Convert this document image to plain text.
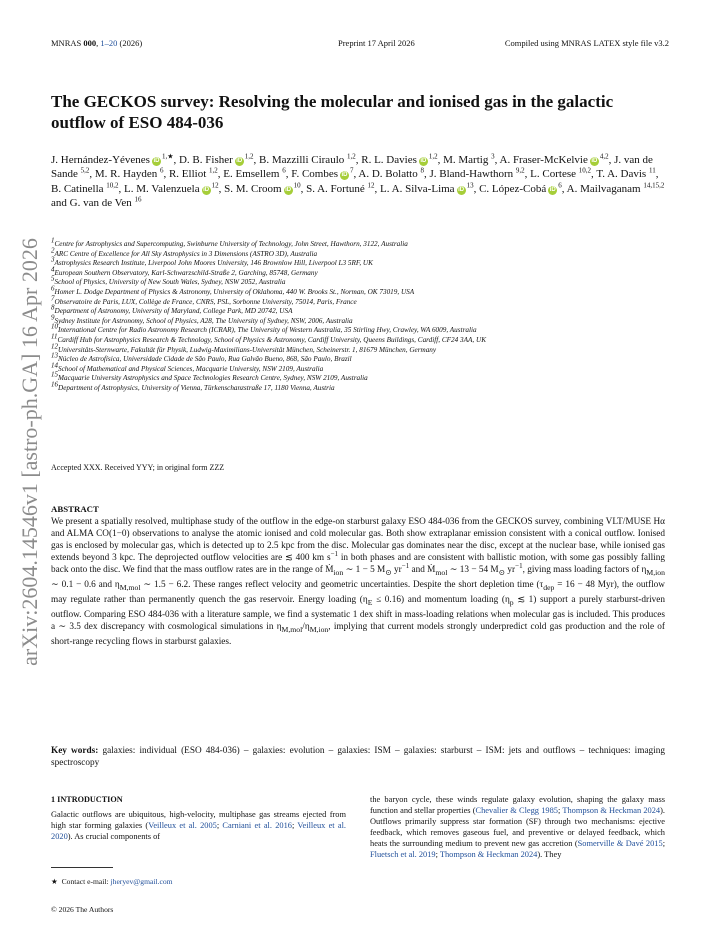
MNRAS 000, 1–20 (2026)	Preprint 17 April 2026	Compiled using MNRAS LATEX style file v3.2
arXiv:2604.14546v1 [astro-ph.GA] 16 Apr 2026
The GECKOS survey: Resolving the molecular and ionised gas in the galactic outflow of ESO 484-036
J. Hernández-Yévenes $iD^{1,★}$, D. B. Fisher iD$^{1,2}$, B. Mazzilli Ciraulo $^{1,2}$, R. L. Davies iD$^{1,2}$, M. Martig $^3$, A. Fraser-McKelvie iD$^{4,2}$, J. van de Sande $^{5,2}$, M. R. Hayden $^6$, R. Elliot $^{1,2}$, E. Emsellem $^6$, F. Combes $iD^7$, A. D. Bolatto $^8$, J. Bland-Hawthorn $^{9,2}$, L. Cortese $^{10,2}$, T. A. Davis $^{11}$, B. Catinella $^{10,2}$, L. M. Valenzuela $iD^{12}$, S. M. Croom $iD^{10}$, S. A. Fortuné $^{12}$, L. A. Silva-Lima $iD^{13}$, C. López-Cobá $iD^6$, A. Mailvaganam $^{14,15,2}$ and G. van de Ven $^{16}$
$^1$Centre for Astrophysics and Supercomputing, Swinburne University of Technology, John Street, Hawthorn, 3122, Australia
$^2$ARC Centre of Excellence for All Sky Astrophysics in 3 Dimensions (ASTRO 3D), Australia
$^3$Astrophysics Research Institute, Liverpool John Moores University, 146 Brownlow Hill, Liverpool L3 5RF, UK
$^4$European Southern Observatory, Karl-Schwarzschild-Straße 2, Garching, 85748, Germany
$^5$School of Physics, University of New South Wales, Sydney, NSW 2052, Australia
$^6$Homer L. Dodge Department of Physics & Astronomy, University of Oklahoma, 440 W. Brooks St., Norman, OK 73019, USA
$^7$Observatoire de Paris, LUX, Collège de France, CNRS, PSL, Sorbonne University, 75014, Paris, France
$^8$Department of Astronomy, University of Maryland, College Park, MD 20742, USA
$^9$Sydney Institute for Astronomy, School of Physics, A28, The University of Sydney, NSW, 2006, Australia
$^{10}$International Centre for Radio Astronomy Research (ICRAR), The University of Western Australia, 35 Stirling Hwy, Crawley, WA 6009, Australia
$^{11}$Cardiff Hub for Astrophysics Research & Technology, School of Physics & Astronomy, Cardiff University, Queens Buildings, Cardiff, CF24 3AA, UK
$^{12}$Universitäts-Sternwarte, Fakultät für Physik, Ludwig-Maximilians-Universität München, Scheinerstr. 1, 81679 München, Germany
$^{13}$Núcleo de Astrofísica, Universidade Cidade de São Paulo, Rua Galvão Bueno, 868, São Paulo, Brazil
$^{14}$School of Mathematical and Physical Sciences, Macquarie University, NSW 2109, Australia
$^{15}$Macquarie University Astrophysics and Space Technologies Research Centre, Sydney, NSW 2109, Australia
$^{16}$Department of Astrophysics, University of Vienna, Türkenschanzstraße 17, 1180 Vienna, Austria
Accepted XXX. Received YYY; in original form ZZZ
ABSTRACT

We present a spatially resolved, multiphase study of the outflow in the edge-on starburst galaxy ESO 484-036 from the GECKOS survey, combining VLT/MUSE Hα and ALMA CO(1−0) observations to analyse the atomic ionised and cold molecular gas. Both show extraplanar emission consistent with a conical outflow. Ionised gas is enclosed by molecular gas, which is detected up to 2.5 kpc from the disc. Molecular gas dominates near the disc, except at the nuclear base, while ionised gas extends beyond 3 kpc. The deprojected outflow velocities are ≲ 400 km $s^{-1}$ in both phases and are consistent with ballistic motion, with some gas possibly falling back onto the disc. We find that the mass outflow rates are in the range of Ṁ$_{ion}$ ∼ 1 − 5 $M_⊙$ $yr^{-1}$ and Ṁ$_{mol}$ ∼ 13 − 54 $M_⊙$ $yr^{-1}$, giving mass loading factors of $\eta_{M,ion}$ ∼ 0.1 − 0.6 and $\eta_{M,mol}$ ∼ 1.5 − 6.2. These ranges reflect velocity and geometric uncertainties. Despite the short depletion time ($\tau_{dep} = 16 - 48$ Myr), the outflow may regulate rather than permanently quench the gas reservoir. Energy loading $(\eta_E \le 0.16)$ and momentum loading ($\eta_p$ ≲ 1) support a purely starburst-driven outflow. Comparing ESO 484-036 with a literature sample, we find a systematic 1 dex shift in mass-loading relations when molecular gas is included. This produces a ∼ 3.5 dex discrepancy with cosmological simulations in $\eta_{M,mol}/\eta_{M,ion}$, implying that current models strongly underpredict cold gas production and the role of short-range recycling flows in starburst galaxies.

Key words: galaxies: individual (ESO 484-036) – galaxies: evolution – galaxies: ISM – galaxies: starburst – ISM: jets and outflows – techniques: imaging spectroscopy
1 INTRODUCTION

Galactic outflows are ubiquitous, high-velocity, multiphase gas streams ejected from high star forming galaxies (Veilleux et al. 2005; Carniani et al. 2016; Veilleux et al. 2020). As crucial components of

the baryon cycle, these winds regulate galaxy evolution, shaping the galaxy mass function and stellar properties (Chevalier & Clegg 1985; Thompson & Heckman 2024). Outflows primarily suppress star formation (SF) through two mechanisms: ejective feedback, which removes gaseous fuel, and preventive or delayed feedback, which heats the surrounding medium to prevent new gas accretion (Somerville & Davé 2015; Fluetsch et al. 2019; Thompson & Heckman 2024). They

★ Contact e-mail: jheryev@gmail.com
© 2026 The Authors
